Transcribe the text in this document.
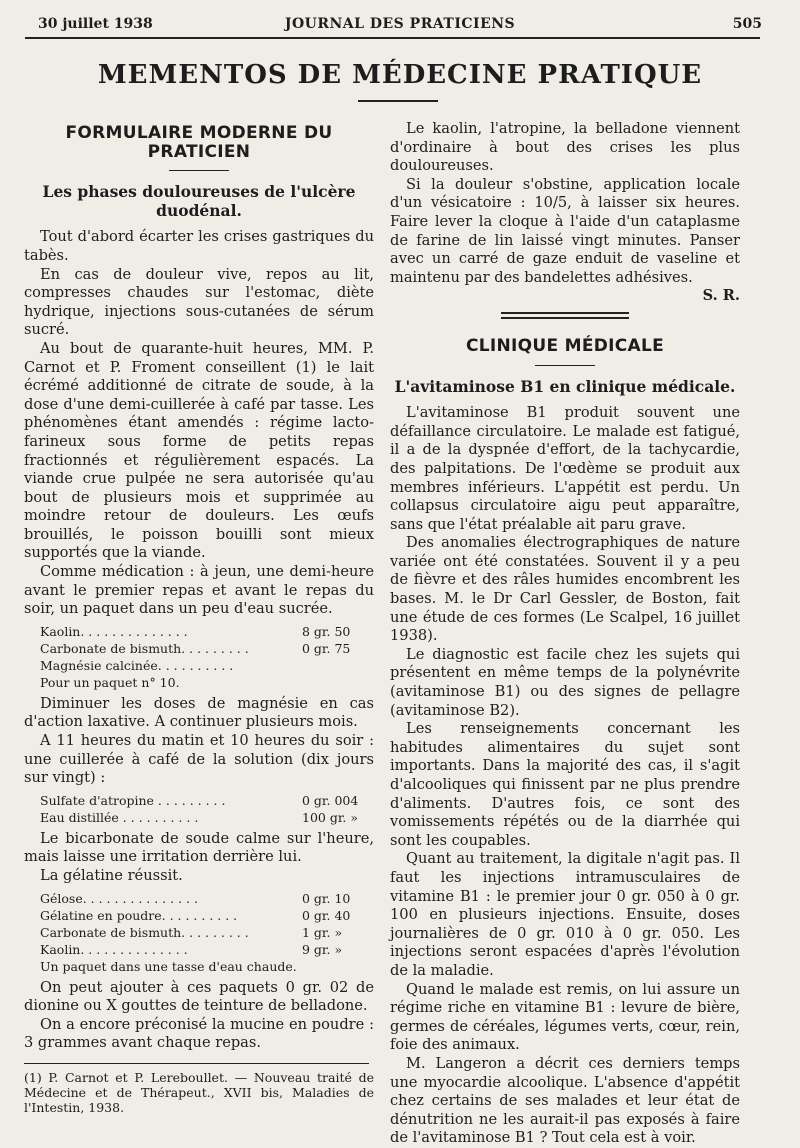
30 juillet 1938	JOURNAL DES PRATICIENS	505
MEMENTOS DE MÉDECINE PRATIQUE
FORMULAIRE MODERNE DU PRATICIEN
Les phases douloureuses de l'ulcère duodénal.

Tout d'abord écarter les crises gastriques du tabès.

En cas de douleur vive, repos au lit, compresses chaudes sur l'estomac, diète hydrique, injections sous-cutanées de sérum sucré.

Au bout de quarante-huit heures, MM. P. Carnot et P. Froment conseillent (1) le lait écrémé additionné de citrate de soude, à la dose d'une demi-cuillerée à café par tasse. Les phénomènes étant amendés : régime lacto-farineux sous forme de petits repas fractionnés et régulièrement espacés. La viande crue pulpée ne sera autorisée qu'au bout de plusieurs mois et supprimée au moindre retour de douleurs. Les œufs brouillés, le poisson bouilli sont mieux supportés que la viande.

Comme médication : à jeun, une demi-heure avant le premier repas et avant le repas du soir, un paquet dans un peu d'eau sucrée.

Kaolin. . . . . . . . . . . . . .	8 gr. 50
Carbonate de bismuth. . . . . . . . .	0 gr. 75
Magnésie calcinée. . . . . . . . . .	
Pour un paquet n° 10.	

Diminuer les doses de magnésie en cas d'action laxative. A continuer plusieurs mois.

A 11 heures du matin et 10 heures du soir : une cuillerée à café de la solution (dix jours sur vingt) :

Sulfate d'atropine . . . . . . . . .	0 gr. 004
Eau distillée . . . . . . . . . .	100 gr. »

Le bicarbonate de soude calme sur l'heure, mais laisse une irritation derrière lui.

La gélatine réussit.

Gélose. . . . . . . . . . . . . . .	0 gr. 10
Gélatine en poudre. . . . . . . . . .	0 gr. 40
Carbonate de bismuth. . . . . . . . .	1 gr. »
Kaolin. . . . . . . . . . . . . .	9 gr. »
Un paquet dans une tasse d'eau chaude.	

On peut ajouter à ces paquets 0 gr. 02 de dionine ou X gouttes de teinture de belladone.

On a encore préconisé la mucine en poudre : 3 grammes avant chaque repas.

(1) P. Carnot et P. Lereboullet. — Nouveau traité de Médecine et de Thérapeut., XVII bis, Maladies de l'Intestin, 1938.

Le kaolin, l'atropine, la belladone viennent d'ordinaire à bout des crises les plus douloureuses.

Si la douleur s'obstine, application locale d'un vésicatoire : 10/5, à laisser six heures. Faire lever la cloque à l'aide d'un cataplasme de farine de lin laissé vingt minutes. Panser avec un carré de gaze enduit de vaseline et maintenu par des bandelettes adhésives.

S. R.
CLINIQUE MÉDICALE
L'avitaminose B1 en clinique médicale.

L'avitaminose B1 produit souvent une défaillance circulatoire. Le malade est fatigué, il a de la dyspnée d'effort, de la tachycardie, des palpitations. De l'œdème se produit aux membres inférieurs. L'appétit est perdu. Un collapsus circulatoire aigu peut apparaître, sans que l'état préalable ait paru grave.

Des anomalies électrographiques de nature variée ont été constatées. Souvent il y a peu de fièvre et des râles humides encombrent les bases. M. le Dr Carl Gessler, de Boston, fait une étude de ces formes (Le Scalpel, 16 juillet 1938).

Le diagnostic est facile chez les sujets qui présentent en même temps de la polynévrite (avitaminose B1) ou des signes de pellagre (avitaminose B2).

Les renseignements concernant les habitudes alimentaires du sujet sont importants. Dans la majorité des cas, il s'agit d'alcooliques qui finissent par ne plus prendre d'aliments. D'autres fois, ce sont des vomissements répétés ou de la diarrhée qui sont les coupables.

Quant au traitement, la digitale n'agit pas. Il faut les injections intramusculaires de vitamine B1 : le premier jour 0 gr. 050 à 0 gr. 100 en plusieurs injections. Ensuite, doses journalières de 0 gr. 010 à 0 gr. 050. Les injections seront espacées d'après l'évolution de la maladie.

Quand le malade est remis, on lui assure un régime riche en vitamine B1 : levure de bière, germes de céréales, légumes verts, cœur, rein, foie des animaux.

M. Langeron a décrit ces derniers temps une myocardie alcoolique. L'absence d'appétit chez certains de ses malades et leur état de dénutrition ne les aurait-il pas exposés à faire de l'avitaminose B1 ? Tout cela est à voir.
